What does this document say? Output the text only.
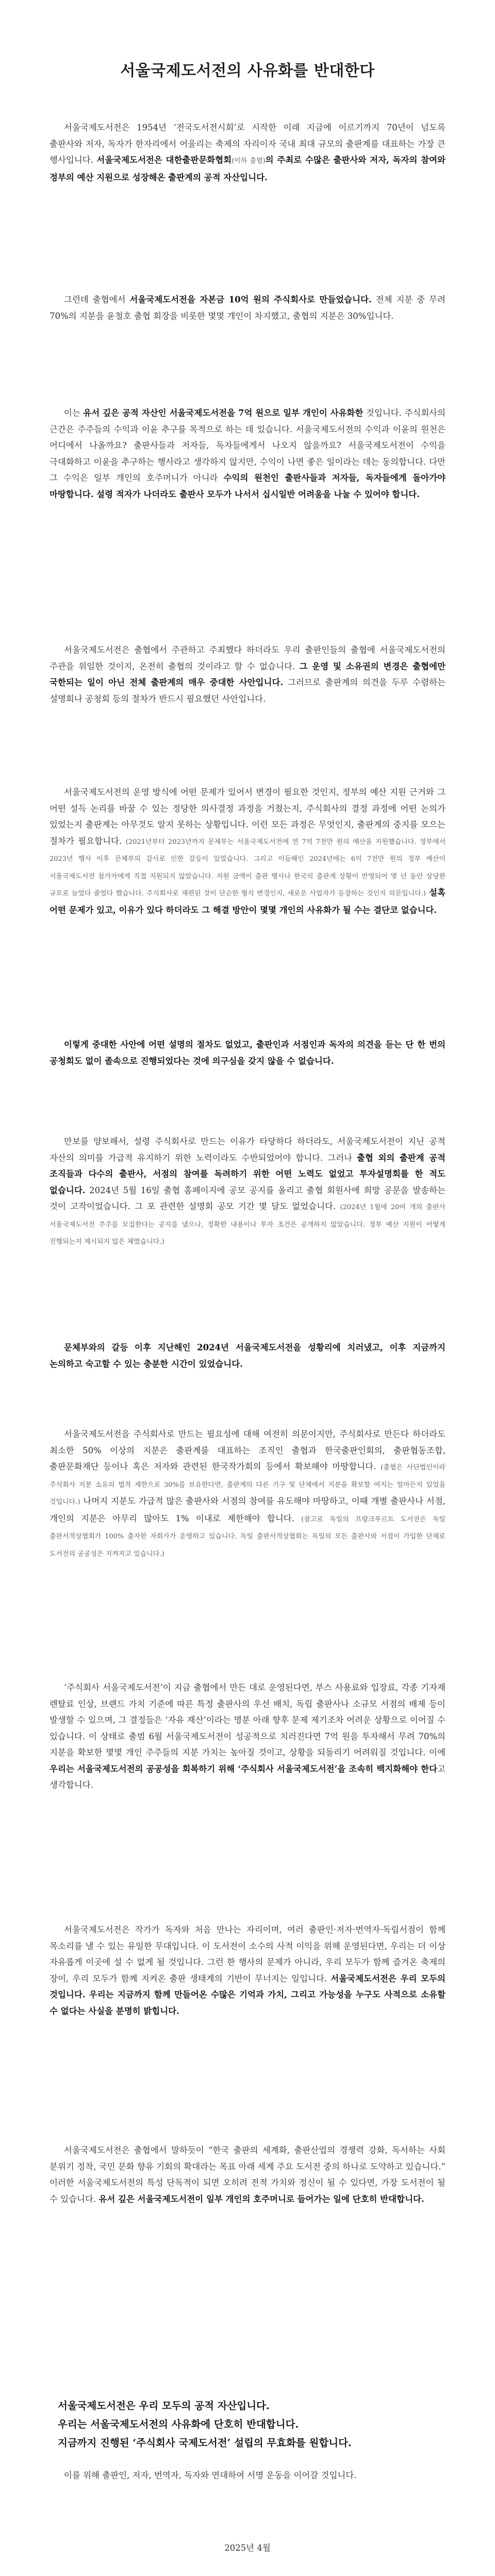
서울국제도서전의 사유화를 반대한다

서울국제도서전은 1954년 ‘전국도서전시회’로 시작한 이래 지금에 이르기까지 70년이 넘도록 출판사와 저자, 독자가 한자리에서 어울리는 축제의 자리이자 국내 최대 규모의 출판계를 대표하는 가장 큰 행사입니다. 서울국제도서전은 대한출판문화협회(이하 출협)의 주최로 수많은 출판사와 저자, 독자의 참여와 정부의 예산 지원으로 성장해온 출판계의 공적 자산입니다.

그런데 출협에서 서울국제도서전을 자본금 10억 원의 주식회사로 만들었습니다. 전체 지분 중 무려 70%의 지분을 윤철호 출협 회장을 비롯한 몇몇 개인이 차지했고, 출협의 지분은 30%입니다.

이는 유서 깊은 공적 자산인 서울국제도서전을 7억 원으로 일부 개인이 사유화한 것입니다. 주식회사의 근간은 주주들의 수익과 이윤 추구를 목적으로 하는 데 있습니다. 서울국제도서전의 수익과 이윤의 원천은 어디에서 나올까요? 출판사들과 저자들, 독자들에게서 나오지 않을까요? 서울국제도서전이 수익을 극대화하고 이윤을 추구하는 행사라고 생각하지 않지만, 수익이 나면 좋은 일이라는 데는 동의합니다. 다만 그 수익은 일부 개인의 호주머니가 아니라 수익의 원천인 출판사들과 저자들, 독자들에게 돌아가야 마땅합니다. 설령 적자가 나더라도 출판사 모두가 나서서 십시일반 어려움을 나눌 수 있어야 합니다.

서울국제도서전은 출협에서 주관하고 주최했다 하더라도 우리 출판인들의 출협에 서울국제도서전의 주관을 위임한 것이지, 온전히 출협의 것이라고 할 수 없습니다. 그 운영 및 소유권의 변경은 출협에만 국한되는 일이 아닌 전체 출판계의 매우 중대한 사안입니다. 그러므로 출판계의 의견을 두루 수렴하는 설명회나 공청회 등의 절차가 반드시 필요했던 사안입니다.

서울국제도서전의 운영 방식에 어떤 문제가 있어서 변경이 필요한 것인지, 정부의 예산 지원 근거와 그 어떤 설득 논리를 바꿀 수 있는 정당한 의사결정 과정을 거쳤는지, 주식회사의 결정 과정에 어떤 논의가 있었는지 출판계는 아무것도 알지 못하는 상황입니다. 이런 모든 과정은 무엇인지, 출판계의 중지를 모으는 절차가 필요합니다. (2021년부터 2023년까지 문체부는 서울국제도서전에 연 7억 7천만 원의 예산을 지원했습니다. 정부에서 2023년 행사 이후 문체부의 감사로 인한 갈등이 있었습니다. 그리고 이듬해인 2024년에는 6억 7천만 원의 정부 예산이 서울국제도서전 참가자에게 직접 지원되지 않았습니다. 지원 금액이 출판 행사나 한국의 출판계 상황이 반영되어 몇 년 동안 상당한 규모로 늘었다 줄었다 했습니다. 주식회사로 재편된 것이 단순한 형식 변경인지, 새로운 사업자가 등장하는 것인지 의문입니다.) 설혹 어떤 문제가 있고, 이유가 있다 하더라도 그 해결 방안이 몇몇 개인의 사유화가 될 수는 결단코 없습니다.

이렇게 중대한 사안에 어떤 설명의 절차도 없었고, 출판인과 서점인과 독자의 의견을 듣는 단 한 번의 공청회도 없이 졸속으로 진행되었다는 것에 의구심을 갖지 않을 수 없습니다.

만보를 양보해서, 설령 주식회사로 만드는 이유가 타당하다 하더라도, 서울국제도서전이 지닌 공적 자산의 의미를 가급적 유지하기 위한 노력이라도 수반되었어야 합니다. 그러나 출협 외의 출판계 공적 조직들과 다수의 출판사, 서점의 참여를 독려하기 위한 어떤 노력도 없었고 투자설명회를 한 적도 없습니다. 2024년 5월 16일 출협 홈페이지에 공모 공지를 올리고 출협 회원사에 희망 공문을 발송하는 것이 고작이었습니다. 그 포 관련한 설명회 공모 기간 몇 달도 없었습니다. (2024년 1월에 20여 개의 출판사 서울국제도서전 주주를 모집한다는 공지를 냈으나, 정확한 내용이나 투자 조건은 공개하지 않았습니다. 정부 예산 지원이 어떻게 진행되는지 제시되지 않은 채였습니다.)

문체부와의 갈등 이후 지난해인 2024년 서울국제도서전을 성황리에 치러냈고, 이후 지금까지 논의하고 숙고할 수 있는 충분한 시간이 있었습니다.

서울국제도서전을 주식회사로 만드는 필요성에 대해 여전히 의문이지만, 주식회사로 만든다 하더라도 최소한 50% 이상의 지분은 출판계를 대표하는 조직인 출협과 한국출판인회의, 출판협동조합, 출판문화재단 등이나 혹은 저자와 관련된 한국작가회의 등에서 확보해야 마땅합니다. (출협은 사단법인이라 주식회사 지분 소유의 법적 제한으로 30%를 보유한다면, 출판계의 다른 기구 및 단체에서 지분을 확보할 여지는 얼마든지 있었을 것입니다.) 나머지 지분도 가급적 많은 출판사와 서점의 참여를 유도해야 마땅하고, 이때 개별 출판사나 서점, 개인의 지분은 아무리 많아도 1% 이내로 제한해야 합니다. (참고로 독일의 프랑크푸르트 도서전은 독일 출판서적상협회가 100% 출자한 자회사가 운영하고 있습니다. 독일 출판서적상협회는 독일의 모든 출판사와 서점이 가입한 단체로 도서전의 공공성은 지켜지고 있습니다.)

‘주식회사 서울국제도서전’이 지금 출협에서 만든 대로 운영된다면, 부스 사용료와 입장료, 각종 기자재 렌탈료 인상, 브랜드 가치 기준에 따른 특정 출판사의 우선 배치, 독립 출판사나 소규모 서점의 배제 등이 발생할 수 있으며, 그 결정들은 ‘자유 재산’이라는 명분 아래 향후 문제 제기조차 어려운 상황으로 이어질 수 있습니다. 이 상태로 출범 6월 서울국제도서전이 성공적으로 치러진다면 7억 원을 투자해서 무려 70%의 지분을 확보한 몇몇 개인 주주들의 지분 가치는 높아질 것이고, 상황을 되돌리기 어려워질 것입니다. 이에 우리는 서울국제도서전의 공공성을 회복하기 위해 ‘주식회사 서울국제도서전’을 조속히 백지화해야 한다고 생각합니다.

서울국제도서전은 작가가 독자와 처음 만나는 자리이며, 여러 출판인·저자·번역자·독립서점이 함께 목소리를 낼 수 있는 유일한 무대입니다. 이 도서전이 소수의 사적 이익을 위해 운영된다면, 우리는 더 이상 자유롭게 이곳에 설 수 없게 될 것입니다. 그런 한 행사의 문제가 아니라, 우리 모두가 함께 즐겨온 축제의 장이, 우리 모두가 함께 지켜온 출판 생태계의 기반이 무너지는 일입니다. 서울국제도서전은 우리 모두의 것입니다. 우리는 지금까지 함께 만들어온 수많은 기억과 가치, 그리고 가능성을 누구도 사적으로 소유할 수 없다는 사실을 분명히 밝힙니다.

서울국제도서전은 출협에서 말하듯이 “한국 출판의 세계화, 출판산업의 경쟁력 강화, 독서하는 사회 분위기 정착, 국민 문화 향유 기회의 확대라는 목표 아래 세계 주요 도서전 중의 하나로 도약하고 있습니다.” 이러한 서울국제도서전의 특성 단독적이 되면 오히려 전적 가치와 정신이 될 수 있다면, 가장 도서전이 될 수 있습니다. 유서 깊은 서울국제도서전이 일부 개인의 호주머니로 들어가는 일에 단호히 반대합니다.

서울국제도서전은 우리 모두의 공적 자산입니다.
우리는 서울국제도서전의 사유화에 단호히 반대합니다.
지금까지 진행된 ‘주식회사 국제도서전’ 설립의 무효화를 원합니다.

이를 위해 출판인, 저자, 번역자, 독자와 연대하여 서명 운동을 이어갈 것입니다.

2025년 4월
